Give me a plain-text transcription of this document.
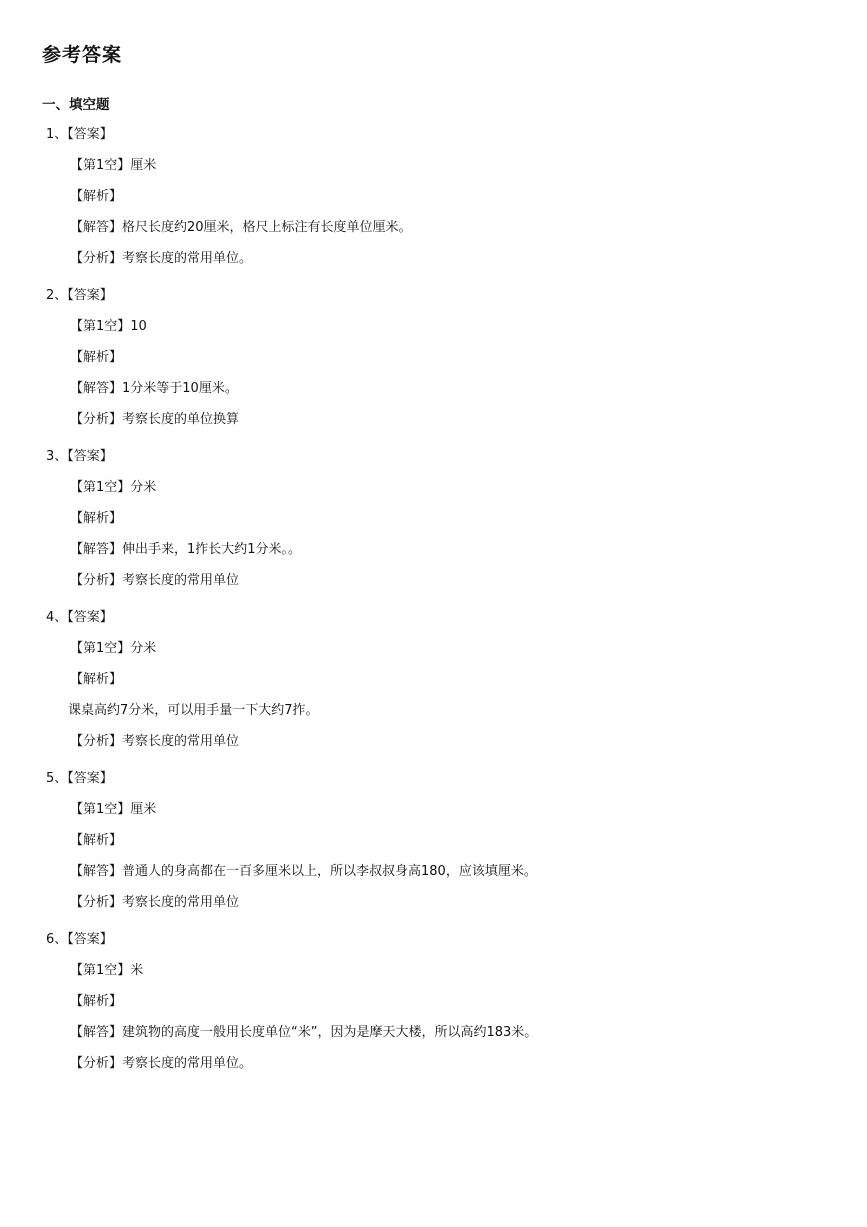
参考答案
一、填空题
1、【答案】
【第1空】厘米
【解析】
【解答】格尺长度约20厘米，格尺上标注有长度单位厘米。
【分析】考察长度的常用单位。
2、【答案】
【第1空】10
【解析】
【解答】1分米等于10厘米。
【分析】考察长度的单位换算
3、【答案】
【第1空】分米
【解析】
【解答】伸出手来，1拃长大约1分米。。
【分析】考察长度的常用单位
4、【答案】
【第1空】分米
【解析】
课桌高约7分米，可以用手量一下大约7拃。
【分析】考察长度的常用单位
5、【答案】
【第1空】厘米
【解析】
【解答】普通人的身高都在一百多厘米以上，所以李叔叔身高180，应该填厘米。
【分析】考察长度的常用单位
6、【答案】
【第1空】米
【解析】
【解答】建筑物的高度一般用长度单位“米”，因为是摩天大楼，所以高约183米。
【分析】考察长度的常用单位。
